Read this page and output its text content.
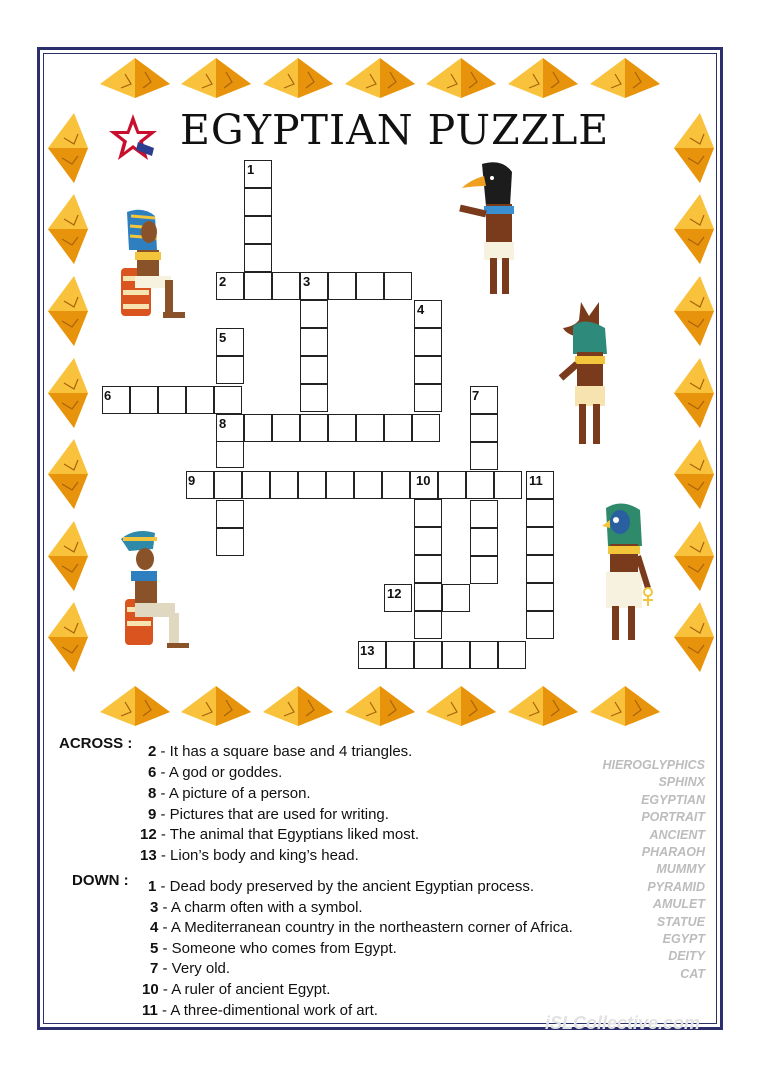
EGYPTIAN PUZZLE
1
2	3
4
5
6	7
8
9	10	11
12
13
ACROSS : 2 - It has a square base and 4 triangles.
6 - A god or goddes.
8 - A picture of a person.
9 - Pictures that are used for writing.
12 - The animal that Egyptians liked most.
13 - Lion’s body and king’s head.
DOWN : 1 - Dead body preserved by the ancient Egyptian process.
3 - A charm often with a symbol.
4 - A Mediterranean country in the northeastern corner of Africa.
5 - Someone who comes from Egypt.
7 - Very old.
10 - A ruler of ancient Egypt.
11 - A three-dimentional work of art.
HIEROGLYPHICS
SPHINX
EGYPTIAN
PORTRAIT
ANCIENT
PHARAOH
MUMMY
PYRAMID
AMULET
STATUE
EGYPT
DEITY
CAT
iSLCollective.com
